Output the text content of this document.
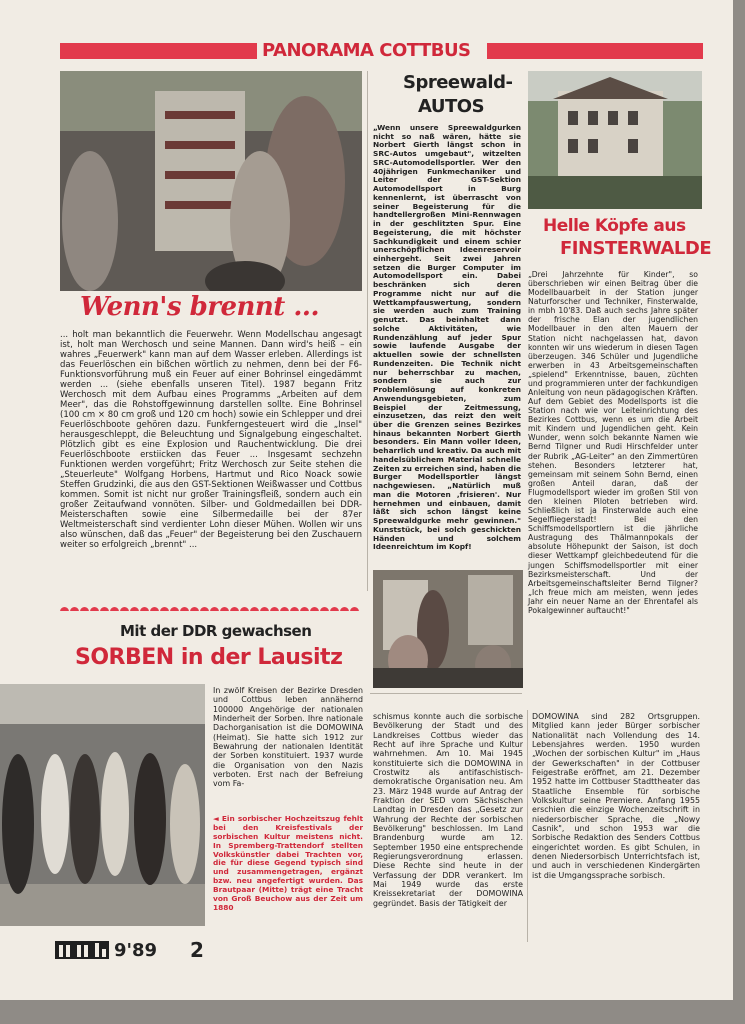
PANORAMA COTTBUS
Wenn's brennt ...
... holt man bekanntlich die Feuerwehr. Wenn Modellschau angesagt ist, holt man Werchosch und seine Mannen. Dann wird's heiß – ein wahres „Feuerwerk" kann man auf dem Wasser erleben. Allerdings ist das Feuerlöschen ein bißchen wörtlich zu nehmen, denn bei der F6-Funktionsvorführung muß ein Feuer auf einer Bohrinsel eingedämmt werden ... (siehe ebenfalls unseren Titel). 1987 begann Fritz Werchosch mit dem Aufbau eines Programms „Arbeiten auf dem Meer", das die Rohstoffgewinnung darstellen sollte. Eine Bohrinsel (100 cm × 80 cm groß und 120 cm hoch) sowie ein Schlepper und drei Feuerlöschboote gehören dazu. Funkferngesteuert wird die „Insel" herausgeschleppt, die Beleuchtung und Signalgebung eingeschaltet. Plötzlich gibt es eine Explosion und Rauchentwicklung. Die drei Feuerlöschboote erstiicken das Feuer ... Insgesamt sechzehn Funktionen werden vorgeführt; Fritz Werchosch zur Seite stehen die „Steuerleute" Wolfgang Horbens, Hartmut und Rico Noack sowie Steffen Grudzinki, die aus den GST-Sektionen Weißwasser und Cottbus kommen. Somit ist nicht nur großer Trainingsfleiß, sondern auch ein großer Zeitaufwand vonnöten. Silber- und Goldmedaillen bei DDR-Meisterschaften sowie eine Silbermedaille bei der 87er Weltmeisterschaft sind verdienter Lohn dieser Mühen. Wollen wir uns also wünschen, daß das „Feuer" der Begeisterung bei den Zuschauern weiter so erfolgreich „brennt" ...
Mit der DDR gewachsen
SORBEN in der Lausitz
Spreewald-
AUTOS
„Wenn unsere Spreewaldgurken nicht so naß wären, hätte sie Norbert Gierth längst schon in SRC-Autos umgebaut", witzelten SRC-Automodellsportler. Wer den 40jährigen Funkmechaniker und Leiter der GST-Sektion Automodellsport in Burg kennenlernt, ist überrascht von seiner Begeisterung für die handtellergroßen Mini-Rennwagen in der geschlitzten Spur. Eine Begeisterung, die mit höchster Sachkundigkeit und einem schier unerschöpflichen Ideenreservoir einhergeht. Seit zwei Jahren setzen die Burger Computer im Automodellsport ein. Dabei beschränken sich deren Programme nicht nur auf die Wettkampfauswertung, sondern sie werden auch zum Training genutzt. Das beinhaltet dann solche Aktivitäten, wie Rundenzählung auf jeder Spur sowie laufende Ausgabe der aktuellen sowie der schnellsten Rundenzeiten. Die Technik nicht nur beherrschbar zu machen, sondern sie auch zur Problemlösung auf konkreten Anwendungsgebieten, zum Beispiel der Zeitmessung, einzusetzen, das reizt den weit über die Grenzen seines Bezirkes hinaus bekannten Norbert Gierth besonders. Ein Mann voller Ideen, beharrlich und kreativ. Da auch mit handelsüblichem Material schnelle Zeiten zu erreichen sind, haben die Burger Modellsportler längst nachgewiesen. „Natürlich muß man die Motoren ‚frisieren'. Nur hernehmen und einbauen, damit läßt sich schon längst keine Spreewaldgurke mehr gewinnen." Kunststück, bei solch geschickten Händen und solchem Ideenreichtum im Kopf!
Helle Köpfe aus
FINSTERWALDE
„Drei Jahrzehnte für Kinder", so überschrieben wir einen Beitrag über die Modellbauarbeit in der Station junger Naturforscher und Techniker, Finsterwalde, in mbh 10'83. Daß auch sechs Jahre später der frische Elan der jugendlichen Modellbauer in den alten Mauern der Station nicht nachgelassen hat, davon konnten wir uns wiederum in diesen Tagen überzeugen. 346 Schüler und Jugendliche erwerben in 43 Arbeitsgemeinschaften „spielend" Erkenntnisse, bauen, züchten und programmieren unter der fachkundigen Anleitung von neun pädagogischen Kräften. Auf dem Gebiet des Modellsports ist die Station nach wie vor Leiteinrichtung des Bezirkes Cottbus, wenn es um die Arbeit mit Kindern und Jugendlichen geht. Kein Wunder, wenn solch bekannte Namen wie Bernd Tilgner und Rudi Hirschfelder unter der Rubrik „AG-Leiter" an den Zimmertüren stehen. Besonders letzterer hat, gemeinsam mit seinem Sohn Bernd, einen großen Anteil daran, daß der Flugmodellsport wieder im großen Stil von den kleinen Piloten betrieben wird. Schließlich ist ja Finsterwalde auch eine Segelfliegerstadt! Bei den Schiffsmodellsportlern ist die jährliche Austragung des Thälmannpokals der absolute Höhepunkt der Saison, ist doch dieser Wettkampf gleichbedeutend für die jungen Schiffsmodellsportler mit einer Bezirksmeisterschaft. Und der Arbeitsgemeinschaftsleiter Bernd Tilgner? „Ich freue mich am meisten, wenn jedes Jahr ein neuer Name an der Ehrentafel als Pokalgewinner auftaucht!"
In zwölf Kreisen der Bezirke Dresden und Cottbus leben annähernd 100000 Angehörige der nationalen Minderheit der Sorben. Ihre nationale Dachorganisation ist die DOMOWINA (Heimat). Sie hatte sich 1912 zur Bewahrung der nationalen Identität der Sorben konstituiert. 1937 wurde die Organisation von den Nazis verboten. Erst nach der Befreiung vom Fa-
◄ Ein sorbischer Hochzeitszug fehlt bei den Kreisfestivals der sorbischen Kultur meistens nicht. In Spremberg-Trattendorf stellten Volkskünstler dabei Trachten vor, die für diese Gegend typisch sind und zusammengetragen, ergänzt bzw. neu angefertigt wurden. Das Brautpaar (Mitte) trägt eine Tracht von Groß Beuchow aus der Zeit um 1880
schismus konnte auch die sorbische Bevölkerung der Stadt und des Landkreises Cottbus wieder das Recht auf ihre Sprache und Kultur wahrnehmen. Am 10. Mai 1945 konstituierte sich die DOMOWINA in Crostwitz als antifaschistisch-demokratische Organisation neu. Am 23. März 1948 wurde auf Antrag der Fraktion der SED vom Sächsischen Landtag in Dresden das „Gesetz zur Wahrung der Rechte der sorbischen Bevölkerung" beschlossen. Im Land Brandenburg wurde am 12. September 1950 eine entsprechende Regierungsverordnung erlassen. Diese Rechte sind heute in der Verfassung der DDR verankert. Im Mai 1949 wurde das erste Kreissekretariat der DOMOWINA gegründet. Basis der Tätigkeit der
DOMOWINA sind 282 Ortsgruppen. Mitglied kann jeder Bürger sorbischer Nationalität nach Vollendung des 14. Lebensjahres werden. 1950 wurden „Wochen der sorbischen Kultur" im „Haus der Gewerkschaften" in der Cottbuser Feigestraße eröffnet, am 21. Dezember 1952 hatte im Cottbuser Stadttheater das Staatliche Ensemble für sorbische Volkskultur seine Premiere. Anfang 1955 erschien die einzige Wochenzeitschrift in niedersorbischer Sprache, die „Nowy Casnik", und schon 1953 war die Sorbische Redaktion des Senders Cottbus eingerichtet worden. Es gibt Schulen, in denen Niedersorbisch Unterrichtsfach ist, und auch in verschiedenen Kindergärten ist die Umgangssprache sorbisch.
9'89 2
